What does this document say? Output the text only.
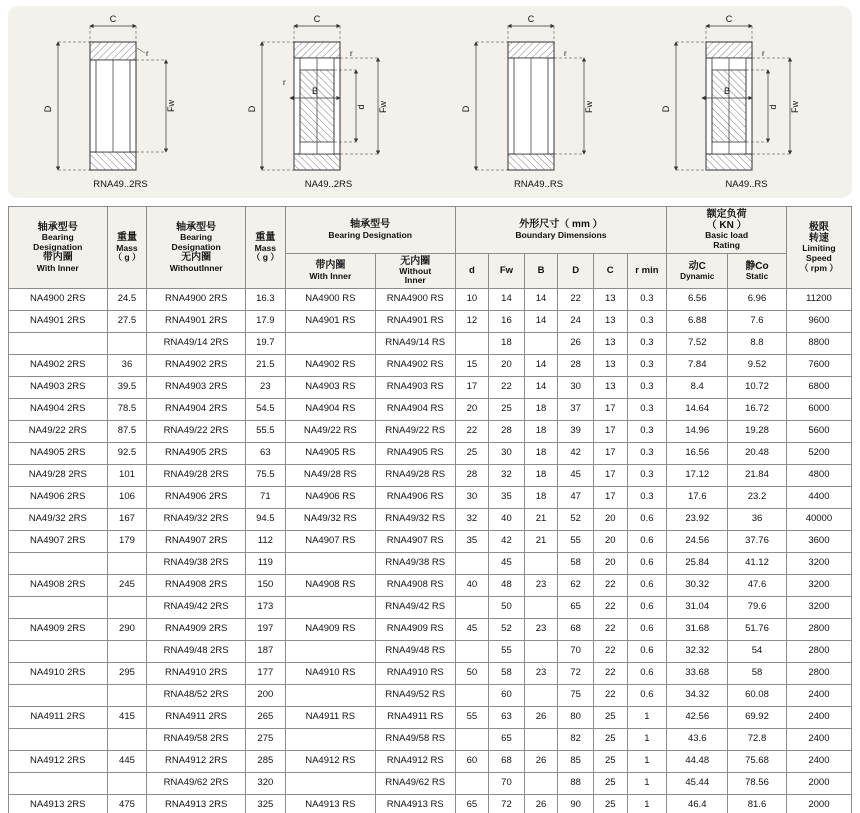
D	Fw
C
r
RNA49..2RS
D
B
d Fw
C
r
r
NA49..2RS
D	Fw
C
r
RNA49..RS
D
B
d Fw
C
r
NA49..RS
轴承型号
Bearing
Designation
带内圈
With Inner	重量
Mass
（ g ）	轴承型号
Bearing
Designation
无内圈
WithoutInner	重量
Mass
（ g ）	轴承型号
Bearing Designation		外形尺寸（ mm ）
Boundary Dimensions						额定负荷
（ KN ）
Basic load
Rating		极限
转速
Limiting
Speed
（ rpm ）

												动C
Dynamic	静Co
Static	

				带内圈
With Inner	无内圈
Without
Inner	d	Fw	B	D	C	r min			
NA4900 2RS	24.5	RNA4900 2RS	16.3	NA4900 RS	RNA4900 RS	10	14	14	22	13	0.3	6.56	6.96	11200
NA4901 2RS	27.5	RNA4901 2RS	17.9	NA4901 RS	RNA4901 RS	12	16	14	24	13	0.3	6.88	7.6	9600
		RNA49/14 2RS	19.7		RNA49/14 RS		18		26	13	0.3	7.52	8.8	8800
NA4902 2RS	36	RNA4902 2RS	21.5	NA4902 RS	RNA4902 RS	15	20	14	28	13	0.3	7.84	9.52	7600
NA4903 2RS	39.5	RNA4903 2RS	23	NA4903 RS	RNA4903 RS	17	22	14	30	13	0.3	8.4	10.72	6800
NA4904 2RS	78.5	RNA4904 2RS	54.5	NA4904 RS	RNA4904 RS	20	25	18	37	17	0.3	14.64	16.72	6000
NA49/22 2RS	87.5	RNA49/22 2RS	55.5	NA49/22 RS	RNA49/22 RS	22	28	18	39	17	0.3	14.96	19.28	5600
NA4905 2RS	92.5	RNA4905 2RS	63	NA4905 RS	RNA4905 RS	25	30	18	42	17	0.3	16.56	20.48	5200
NA49/28 2RS	101	RNA49/28 2RS	75.5	NA49/28 RS	RNA49/28 RS	28	32	18	45	17	0.3	17.12	21.84	4800
NA4906 2RS	106	RNA4906 2RS	71	NA4906 RS	RNA4906 RS	30	35	18	47	17	0.3	17.6	23.2	4400
NA49/32 2RS	167	RNA49/32 2RS	94.5	NA49/32 RS	RNA49/32 RS	32	40	21	52	20	0.6	23.92	36	40000
NA4907 2RS	179	RNA4907 2RS	112	NA4907 RS	RNA4907 RS	35	42	21	55	20	0.6	24.56	37.76	3600
		RNA49/38 2RS	119		RNA49/38 RS		45		58	20	0.6	25.84	41.12	3200
NA4908 2RS	245	RNA4908 2RS	150	NA4908 RS	RNA4908 RS	40	48	23	62	22	0.6	30.32	47.6	3200
		RNA49/42 2RS	173		RNA49/42 RS		50		65	22	0.6	31.04	79.6	3200
NA4909 2RS	290	RNA4909 2RS	197	NA4909 RS	RNA4909 RS	45	52	23	68	22	0.6	31.68	51.76	2800
		RNA49/48 2RS	187		RNA49/48 RS		55		70	22	0.6	32.32	54	2800
NA4910 2RS	295	RNA4910 2RS	177	NA4910 RS	RNA4910 RS	50	58	23	72	22	0.6	33.68	58	2800
		RNA48/52 2RS	200		RNA49/52 RS		60		75	22	0.6	34.32	60.08	2400
NA4911 2RS	415	RNA4911 2RS	265	NA4911 RS	RNA4911 RS	55	63	26	80	25	1	42.56	69.92	2400
		RNA49/58 2RS	275		RNA49/58 RS		65		82	25	1	43.6	72.8	2400
NA4912 2RS	445	RNA4912 2RS	285	NA4912 RS	RNA4912 RS	60	68	26	85	25	1	44.48	75.68	2400
		RNA49/62 2RS	320		RNA49/62 RS		70		88	25	1	45.44	78.56	2000
NA4913 2RS	475	RNA4913 2RS	325	NA4913 RS	RNA4913 RS	65	72	26	90	25	1	46.4	81.6	2000
